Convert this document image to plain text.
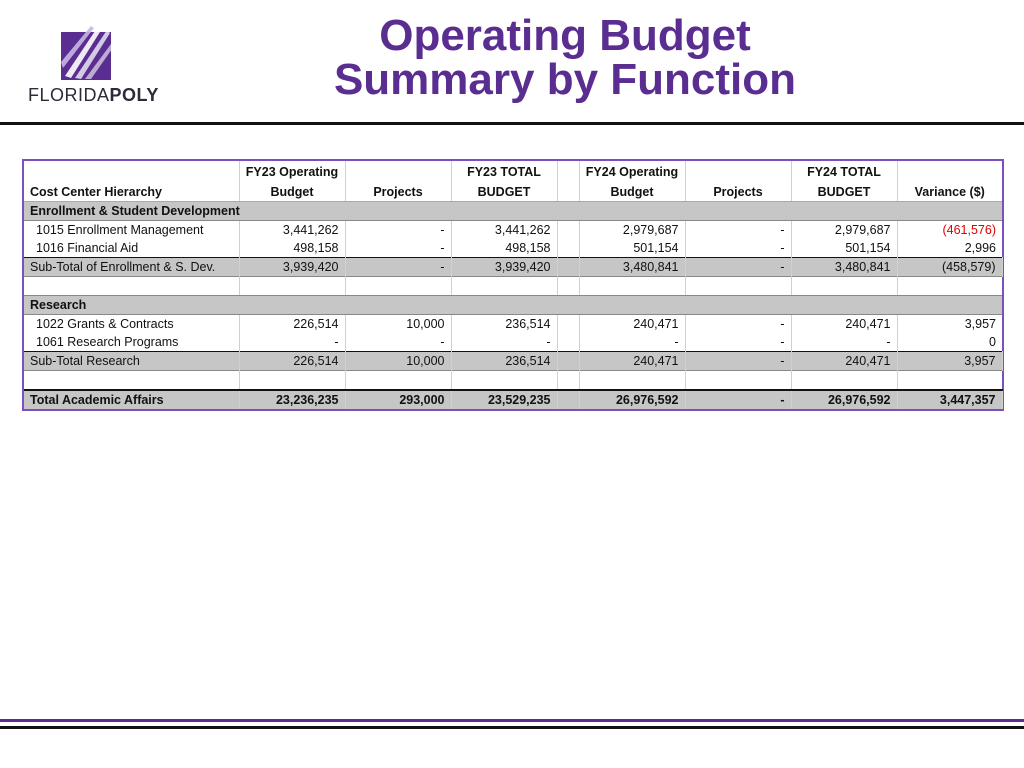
FLORIDAPOLY
Operating Budget
Summary by Function
	FY23 Operating		FY23 TOTAL		FY24 Operating		FY24 TOTAL	
Cost Center Hierarchy	Budget	Projects	BUDGET		Budget	Projects	BUDGET	Variance ($)
Enrollment & Student Development								
1015 Enrollment Management	3,441,262	-	3,441,262		2,979,687	-	2,979,687	(461,576)
1016 Financial Aid	498,158	-	498,158		501,154	-	501,154	2,996
Sub-Total of Enrollment & S. Dev.	3,939,420	-	3,939,420		3,480,841	-	3,480,841	(458,579)

Research								
1022 Grants & Contracts	226,514	10,000	236,514		240,471	-	240,471	3,957
1061 Research Programs	-	-	-		-	-	-	0
Sub-Total Research	226,514	10,000	236,514		240,471	-	240,471	3,957

Total Academic Affairs	23,236,235	293,000	23,529,235		26,976,592	-	26,976,592	3,447,357
